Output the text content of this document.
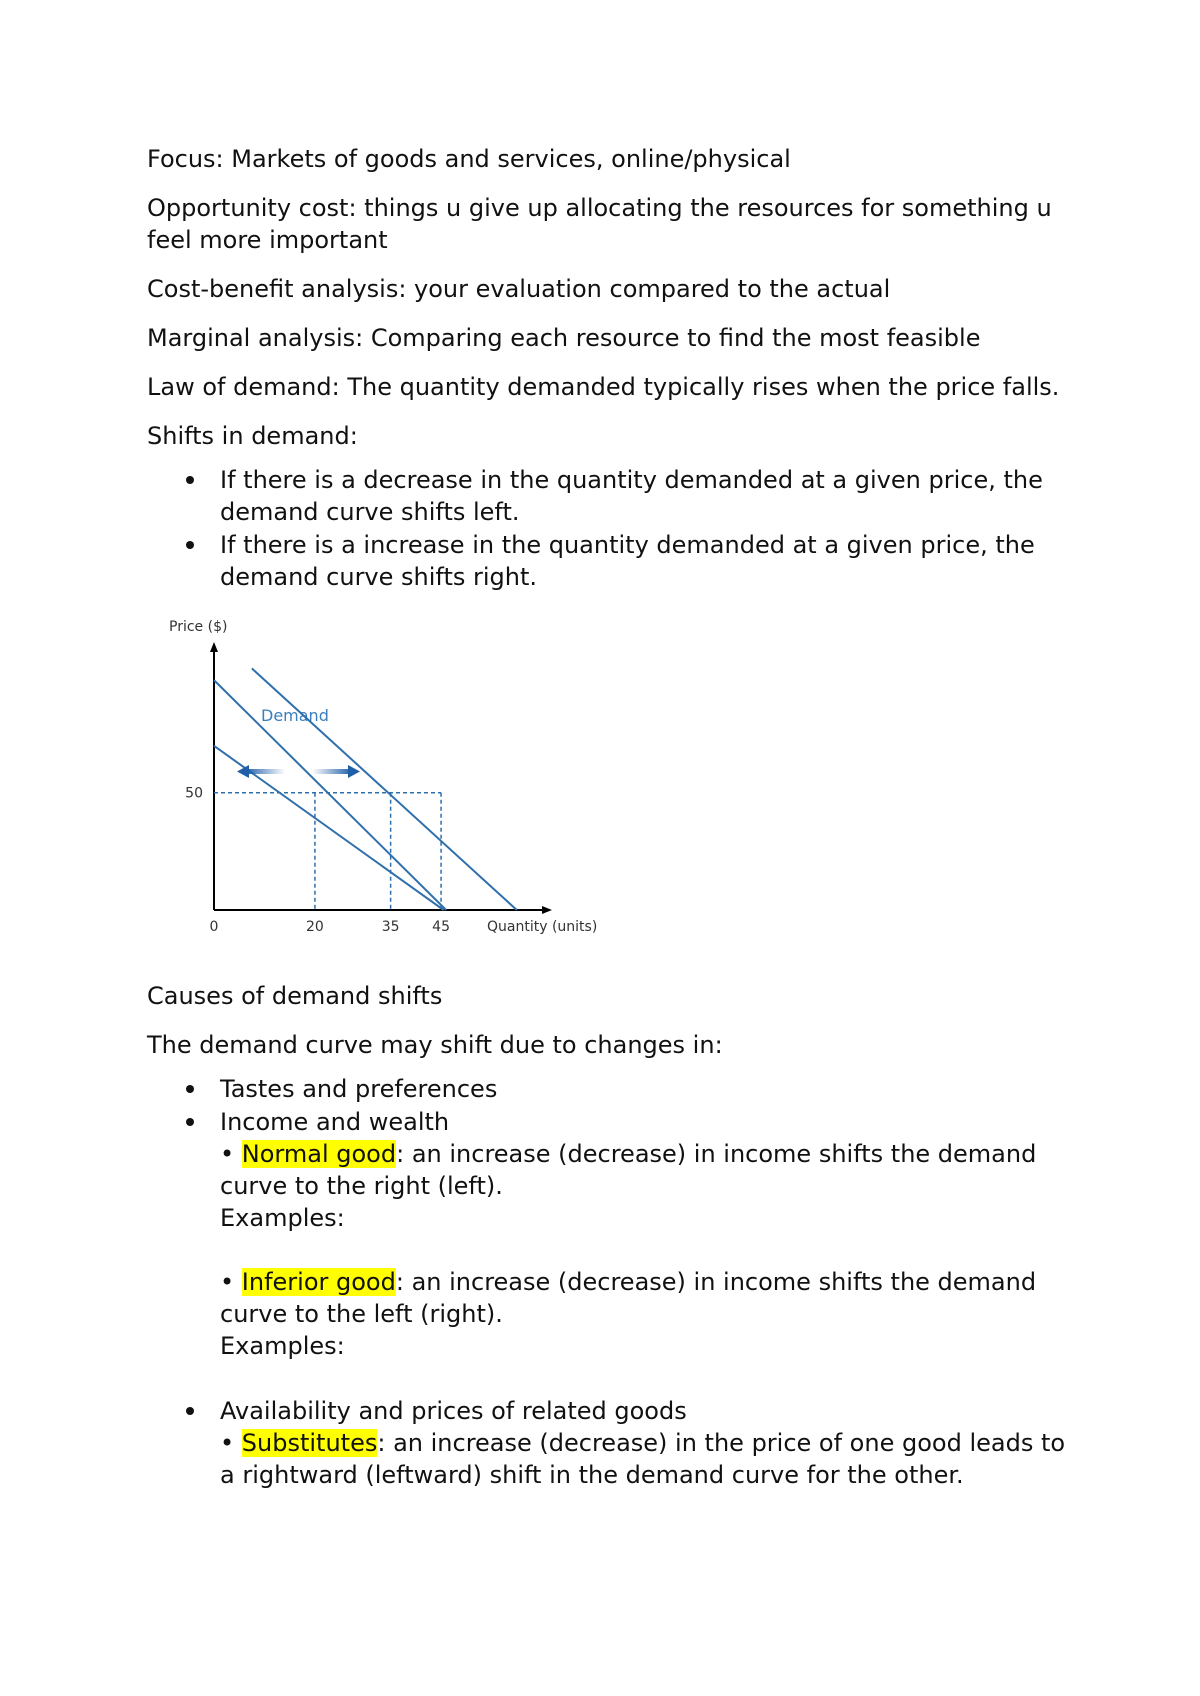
Focus: Markets of goods and services, online/physical

Opportunity cost: things u give up allocating the resources for something u feel more important

Cost-benefit analysis: your evaluation compared to the actual

Marginal analysis: Comparing each resource to find the most feasible

Law of demand: The quantity demanded typically rises when the price falls.

Shifts in demand:

If there is a decrease in the quantity demanded at a given price, the demand curve shifts left.
If there is a increase in the quantity demanded at a given price, the demand curve shifts right.
Price ($)
Quantity (units)
Demand
0	20	35 45
50

Causes of demand shifts

The demand curve may shift due to changes in:

Tastes and preferences
Income and wealth
• Normal good: an increase (decrease) in income shifts the demand curve to the right (left).
Examples:
• Inferior good: an increase (decrease) in income shifts the demand curve to the left (right).
Examples:
Availability and prices of related goods
• Substitutes: an increase (decrease) in the price of one good leads to a rightward (leftward) shift in the demand curve for the other.
